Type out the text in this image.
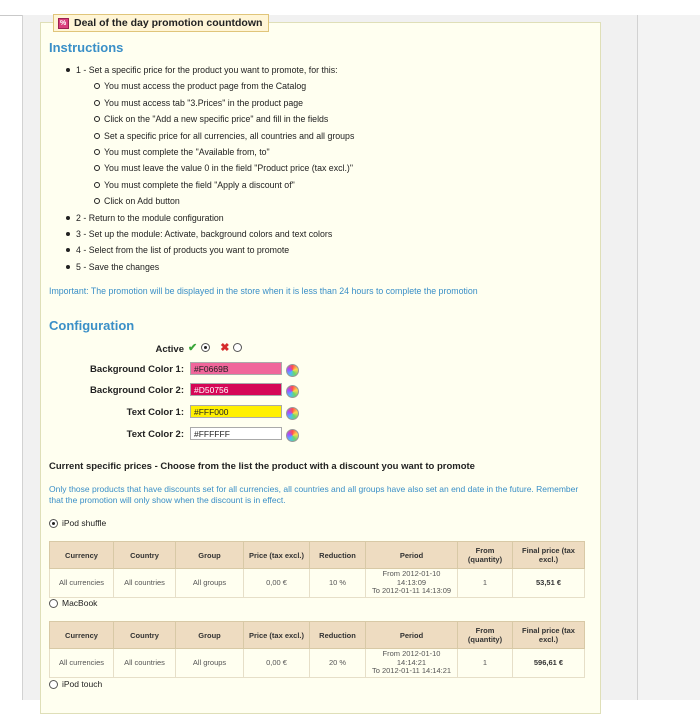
%
Deal of the day promotion countdown
Instructions
1 - Set a specific price for the product you want to promote, for this:
You must access the product page from the Catalog
You must access tab "3.Prices" in the product page
Click on the "Add a new specific price" and fill in the fields
Set a specific price for all currencies, all countries and all groups
You must complete the "Available from, to"
You must leave the value 0 in the field "Product price (tax excl.)"
You must complete the field "Apply a discount of"
Click on Add button
2 - Return to the module configuration
3 - Set up the module: Activate, background colors and text colors
4 - Select from the list of products you want to promote
5 - Save the changes
Important: The promotion will be displayed in the store when it is less than 24 hours to complete the promotion
Configuration
Active ✔ ✖
Background Color 1:	#F0669B
Background Color 2:	#D50756
Text Color 1:	#FFF000
Text Color 2:	#FFFFFF
Current specific prices - Choose from the list the product with a discount you want to promote
Only those products that have discounts set for all currencies, all countries and all groups have also set an end date in the future. Remember that the promotion will only show when the discount is in effect.
iPod shuffle
Currency	Country	Group	Price (tax excl.)	Reduction	Period	From (quantity)	Final price (tax excl.)
All currencies	All countries	All groups	0,00 €	10 %	From 2012-01-10 14:13:09
To 2012-01-11 14:13:09	1	53,51 €
MacBook
Currency	Country	Group	Price (tax excl.)	Reduction	Period	From (quantity)	Final price (tax excl.)
All currencies	All countries	All groups	0,00 €	20 %	From 2012-01-10 14:14:21
To 2012-01-11 14:14:21	1	596,61 €
iPod touch
